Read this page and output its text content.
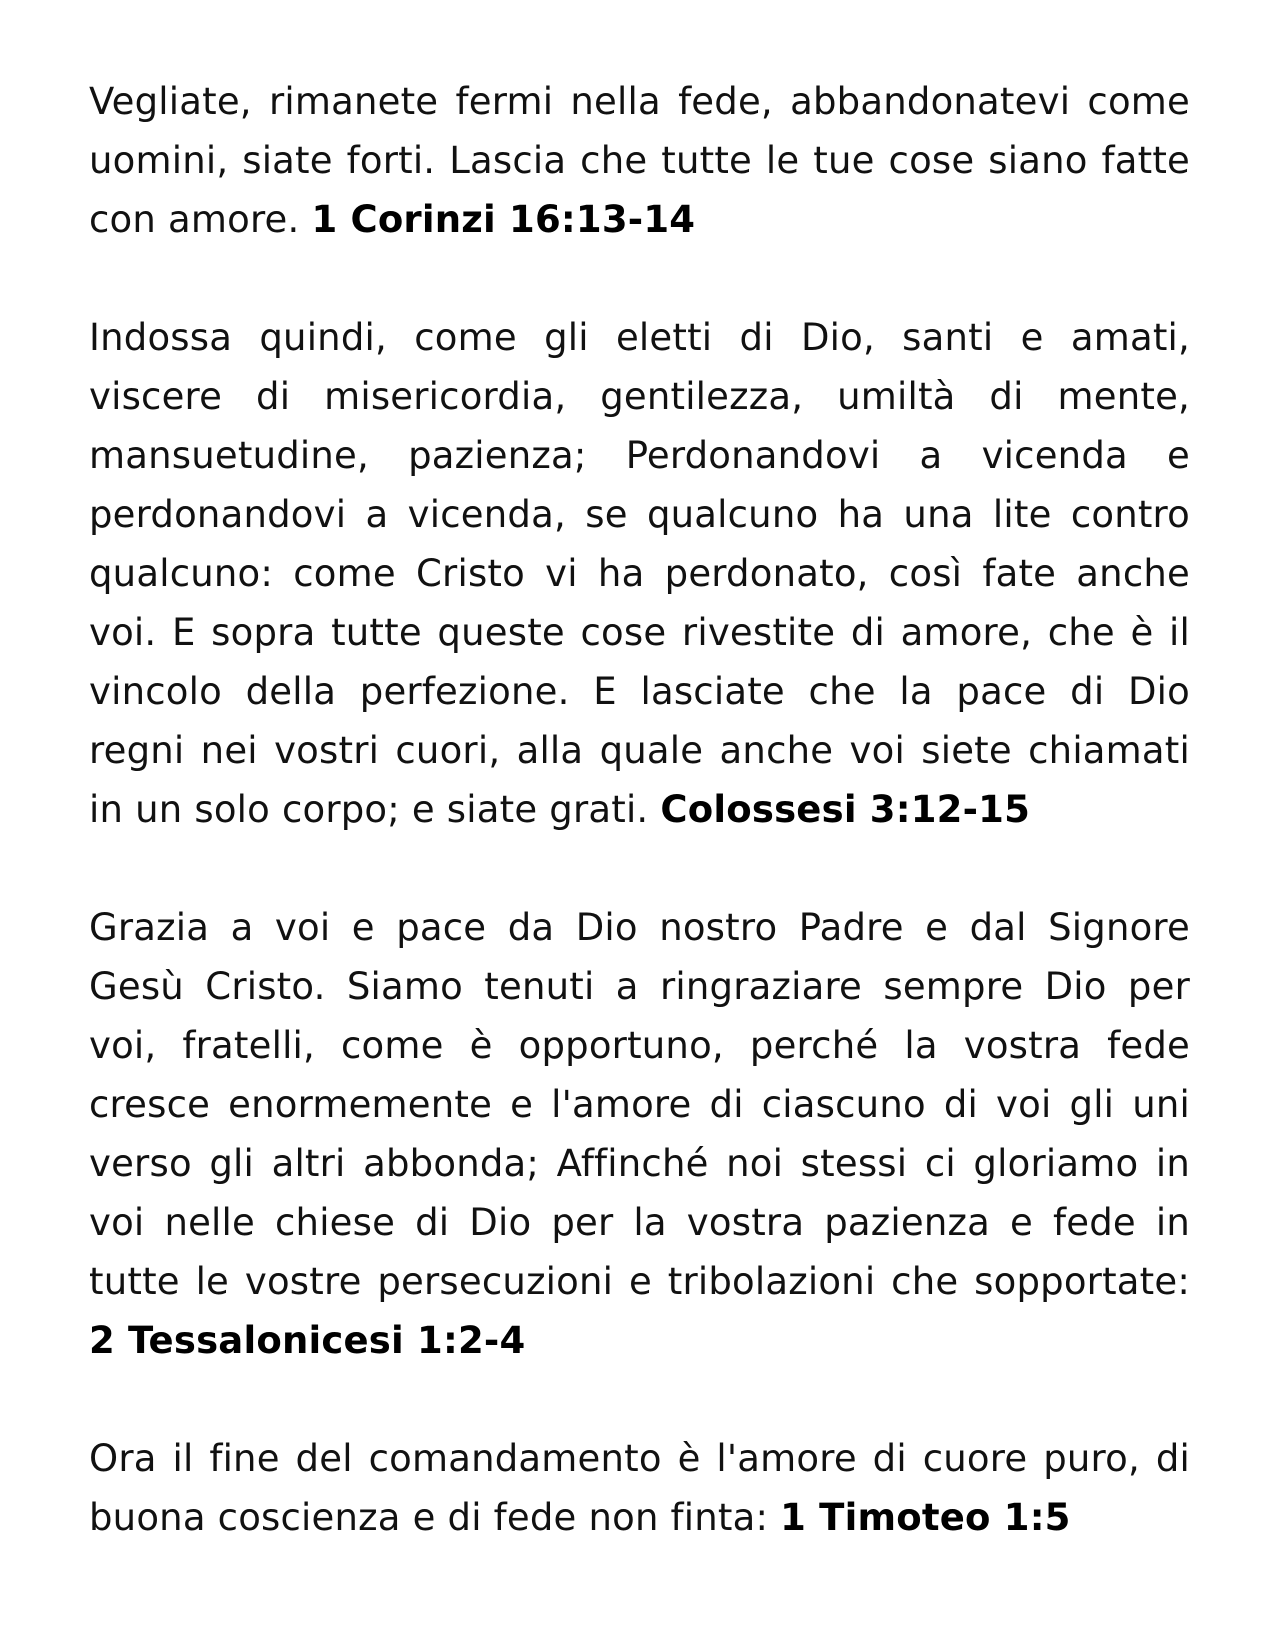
Vegliate, rimanete fermi nella fede, abbandonatevi come uomini, siate forti. Lascia che tutte le tue cose siano fatte con amore. 1 Corinzi 16:13-14

Indossa quindi, come gli eletti di Dio, santi e amati, viscere di misericordia, gentilezza, umiltà di mente, mansuetudine, pazienza; Perdonandovi a vicenda e perdonandovi a vicenda, se qualcuno ha una lite contro qualcuno: come Cristo vi ha perdonato, così fate anche voi. E sopra tutte queste cose rivestite di amore, che è il vincolo della perfezione. E lasciate che la pace di Dio regni nei vostri cuori, alla quale anche voi siete chiamati in un solo corpo; e siate grati. Colossesi 3:12-15

Grazia a voi e pace da Dio nostro Padre e dal Signore Gesù Cristo. Siamo tenuti a ringraziare sempre Dio per voi, fratelli, come è opportuno, perché la vostra fede cresce enormemente e l'amore di ciascuno di voi gli uni verso gli altri abbonda; Affinché noi stessi ci gloriamo in voi nelle chiese di Dio per la vostra pazienza e fede in tutte le vostre persecuzioni e tribolazioni che sopportate: 2 Tessalonicesi 1:2-4

Ora il fine del comandamento è l'amore di cuore puro, di buona coscienza e di fede non finta: 1 Timoteo 1:5
